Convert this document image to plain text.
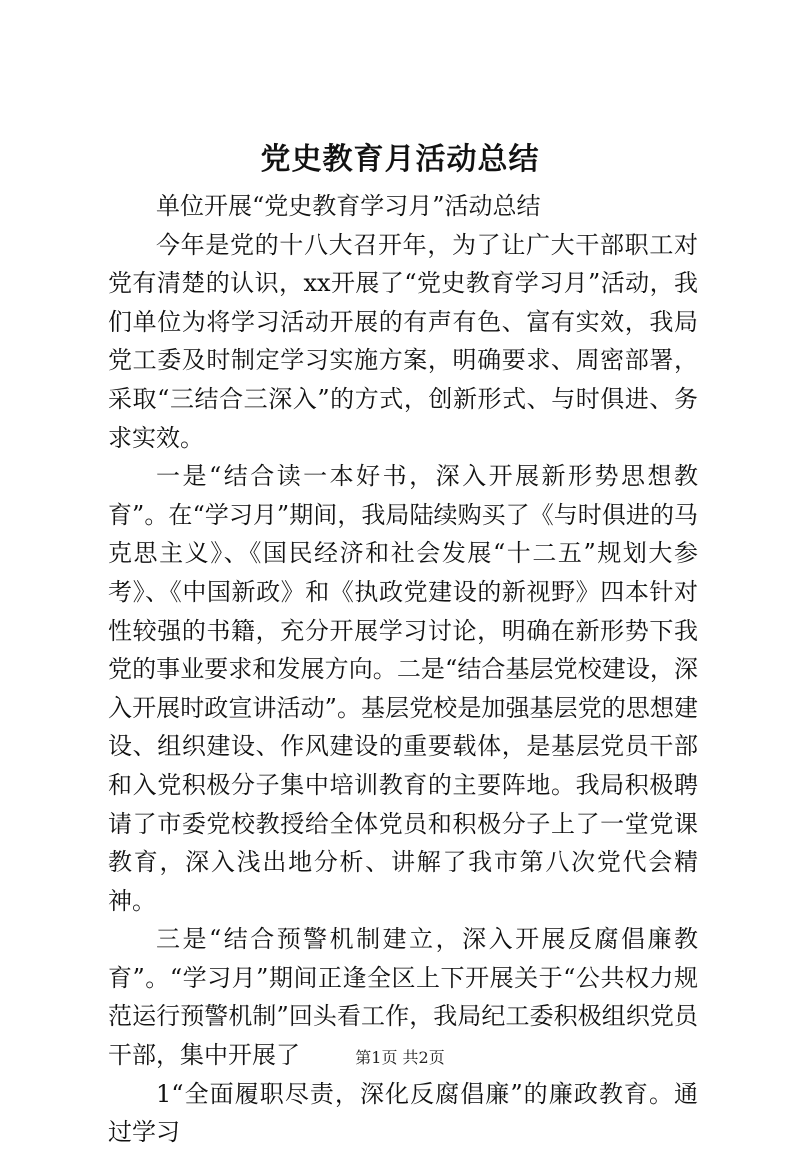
党史教育月活动总结

单位开展“党史教育学习月”活动总结

今年是党的十八大召开年，为了让广大干部职工对党有清楚的认识，xx开展了“党史教育学习月”活动，我们单位为将学习活动开展的有声有色、富有实效，我局党工委及时制定学习实施方案，明确要求、周密部署，采取“三结合三深入”的方式，创新形式、与时俱进、务求实效。

一是“结合读一本好书，深入开展新形势思想教育”。在“学习月”期间，我局陆续购买了《与时俱进的马克思主义》、《国民经济和社会发展“十二五”规划大参考》、《中国新政》和《执政党建设的新视野》四本针对性较强的书籍，充分开展学习讨论，明确在新形势下我党的事业要求和发展方向。二是“结合基层党校建设，深入开展时政宣讲活动”。基层党校是加强基层党的思想建设、组织建设、作风建设的重要载体，是基层党员干部和入党积极分子集中培训教育的主要阵地。我局积极聘请了市委党校教授给全体党员和积极分子上了一堂党课教育，深入浅出地分析、讲解了我市第八次党代会精神。

三是“结合预警机制建立，深入开展反腐倡廉教育”。“学习月”期间正逢全区上下开展关于“公共权力规范运行预警机制”回头看工作，我局纪工委积极组织党员干部，集中开展了

1“全面履职尽责，深化反腐倡廉”的廉政教育。通过学习

第1页 共2页
